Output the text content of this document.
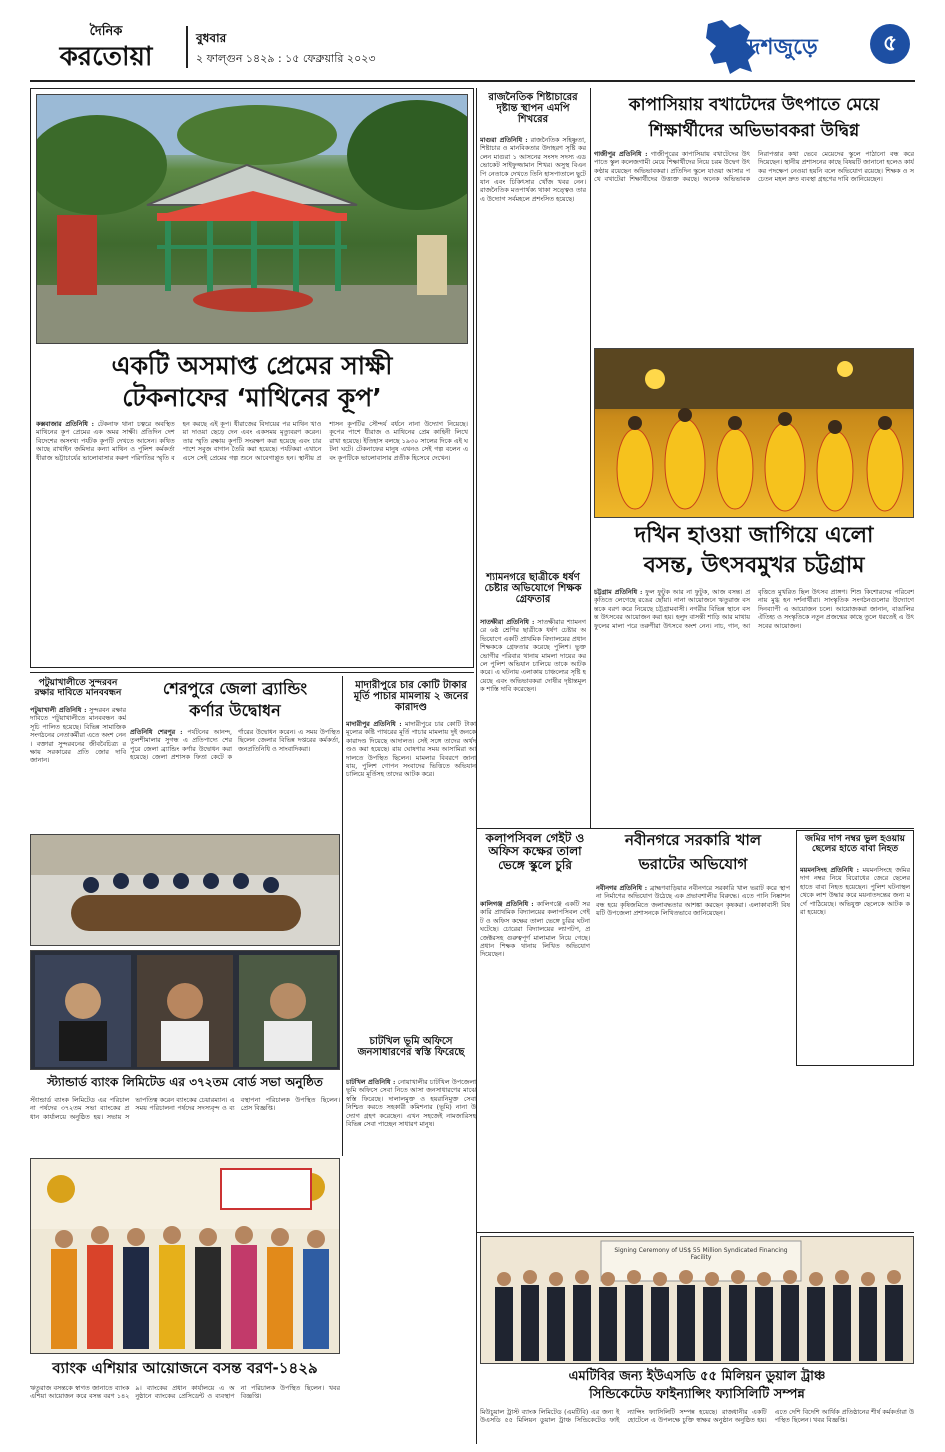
দৈনিক
করতোয়া
বুধবার
২ ফাল্গুন ১৪২৯ : ১৫ ফেব্রুয়ারি ২০২৩	দেশজুড়ে	৫
একটি অসমাপ্ত প্রেমের সাক্ষী
টেকনাফের ‘মাথিনের কূপ’
কক্সবাজার প্রতিনিধি : টেকনাফ থানা চত্বরে অবস্থিত মাথিনের কূপ প্রেমের এক অমর সাক্ষী। প্রতিদিন দেশ বিদেশের অসংখ্য পর্যটক কূপটি দেখতে আসেন। কথিত আছে রাখাইন জমিদার কন্যা মাথিন ও পুলিশ কর্মকর্তা ধীরাজ ভট্টাচার্যের ভালোবাসার করুণ পরিণতির স্মৃতি বহন করছে এই কূপ। ধীরাজের বিদায়ের পর মাথিন খাওয়া দাওয়া ছেড়ে দেন এবং একসময় মৃত্যুবরণ করেন। তার স্মৃতি রক্ষায় কূপটি সংরক্ষণ করা হয়েছে এবং চারপাশে সবুজ বাগান তৈরি করা হয়েছে। পর্যটকরা এখানে এসে সেই প্রেমের গল্প শুনে আবেগাপ্লুত হন। স্থানীয় প্রশাসন কূপটির সৌন্দর্য বর্ধনে নানা উদ্যোগ নিয়েছে। কূপের পাশে ধীরাজ ও মাথিনের প্রেম কাহিনী লিখে রাখা হয়েছে। ইতিহাস বলছে ১৯৩০ সালের দিকে এই ঘটনা ঘটে। টেকনাফের মানুষ এখনও সেই গল্প বলেন এবং কূপটিকে ভালোবাসার প্রতীক হিসেবে দেখেন।
রাজনৈতিক শিষ্টাচারের দৃষ্টান্ত স্থাপন এমপি শিখরের
মাগুরা প্রতিনিধি : রাজনৈতিক সহিষ্ণুতা, শিষ্টাচার ও মানবিকতার উদাহরণ সৃষ্টি করলেন মাগুরা ১ আসনের সংসদ সদস্য এডভোকেট সাইফুজ্জামান শিখর। অসুস্থ বিএনপি নেতাকে দেখতে তিনি হাসপাতালে ছুটে যান এবং চিকিৎসার খোঁজ খবর নেন। রাজনৈতিক মতপার্থক্য থাকা সত্ত্বেও তার এ উদ্যোগ সর্বমহলে প্রশংসিত হয়েছে।
শ্যামনগরে ছাত্রীকে ধর্ষণ চেষ্টার অভিযোগে শিক্ষক গ্রেফতার
সাতক্ষীরা প্রতিনিধি : সাতক্ষীরার শ্যামনগরে ৬ষ্ঠ শ্রেণির ছাত্রীকে ধর্ষণ চেষ্টার অভিযোগে একটি প্রাথমিক বিদ্যালয়ের প্রধান শিক্ষককে গ্রেফতার করেছে পুলিশ। ভুক্তভোগীর পরিবার থানায় মামলা দায়ের করলে পুলিশ অভিযান চালিয়ে তাকে আটক করে। এ ঘটনায় এলাকায় চাঞ্চল্যের সৃষ্টি হয়েছে এবং অভিভাবকরা দোষীর দৃষ্টান্তমূলক শাস্তি দাবি করেছেন।
কাপাসিয়ায় বখাটেদের উৎপাতে মেয়ে
শিক্ষার্থীদের অভিভাবকরা উদ্বিগ্ন
গাজীপুর প্রতিনিধি : গাজীপুরের কাপাসিয়ায় বখাটেদের উৎপাতে স্কুল কলেজগামী মেয়ে শিক্ষার্থীদের নিয়ে চরম উদ্বেগ উৎকণ্ঠায় রয়েছেন অভিভাবকরা। প্রতিদিন স্কুলে যাওয়া আসার পথে বখাটেরা শিক্ষার্থীদের উত্ত্যক্ত করছে। অনেক অভিভাবক নিরাপত্তার কথা ভেবে মেয়েদের স্কুলে পাঠানো বন্ধ করে দিয়েছেন। স্থানীয় প্রশাসনের কাছে বিষয়টি জানানো হলেও কার্যকর পদক্ষেপ নেওয়া হয়নি বলে অভিযোগ রয়েছে। শিক্ষক ও সচেতন মহল দ্রুত ব্যবস্থা গ্রহণের দাবি জানিয়েছেন।
দখিন হাওয়া জাগিয়ে এলো
বসন্ত, উৎসবমুখর চট্টগ্রাম
চট্টগ্রাম প্রতিনিধি : ফুল ফুটুক আর না ফুটুক, আজ বসন্ত। প্রকৃতিতে লেগেছে রঙের ছোঁয়া। নানা আয়োজনে ঋতুরাজ বসন্তকে বরণ করে নিয়েছে চট্টগ্রামবাসী। নগরীর বিভিন্ন স্থানে বসন্ত উৎসবের আয়োজন করা হয়। হলুদ বাসন্তী শাড়ি আর মাথায় ফুলের মালা পরে তরুণীরা উৎসবে অংশ নেন। নাচ, গান, আবৃত্তিতে মুখরিত ছিল উৎসব প্রাঙ্গণ। শিশু কিশোরদের পরিবেশনায় মুগ্ধ হন দর্শনার্থীরা। সাংস্কৃতিক সংগঠনগুলোর উদ্যোগে দিনব্যাপী এ আয়োজন চলে। আয়োজকরা জানান, বাঙালির ঐতিহ্য ও সংস্কৃতিকে নতুন প্রজন্মের কাছে তুলে ধরতেই এ উৎসবের আয়োজন।
পটুয়াখালীতে সুন্দরবন রক্ষার দাবিতে মানববন্ধন
পটুয়াখালী প্রতিনিধি : সুন্দরবন রক্ষার দাবিতে পটুয়াখালীতে মানববন্ধন কর্মসূচি পালিত হয়েছে। বিভিন্ন সামাজিক সংগঠনের নেতাকর্মীরা এতে অংশ নেন। বক্তারা সুন্দরবনের জীববৈচিত্র্য রক্ষায় সরকারের প্রতি জোর দাবি জানান।
শেরপুরে জেলা ব্র্যান্ডিং
কর্ণার উদ্বোধন
প্রতিনিধি শেরপুর : পর্যটনের আনন্দ, তুলশীমালার সুগন্ধ এ প্রতিপাদ্যে শেরপুরে জেলা ব্র্যান্ডিং কর্ণার উদ্বোধন করা হয়েছে। জেলা প্রশাসক ফিতা কেটে কর্ণারের উদ্বোধন করেন। এ সময় উপস্থিত ছিলেন জেলার বিভিন্ন দপ্তরের কর্মকর্তা, জনপ্রতিনিধি ও সাংবাদিকরা।
স্ট্যান্ডার্ড ব্যাংক লিমিটেড এর ৩৭২তম বোর্ড সভা অনুষ্ঠিত
স্ট্যান্ডার্ড ব্যাংক লিমিটেড এর পরিচালনা পর্ষদের ৩৭২তম সভা ব্যাংকের প্রধান কার্যালয়ে অনুষ্ঠিত হয়। সভায় সভাপতিত্ব করেন ব্যাংকের চেয়ারম্যান। এ সময় পরিচালনা পর্ষদের সদস্যবৃন্দ ও ব্যবস্থাপনা পরিচালক উপস্থিত ছিলেন। প্রেস বিজ্ঞপ্তি।
মাদারীপুরে চার কোটি টাকার মূর্তি পাচার মামলায় ২ জনের কারাদণ্ড
মাদারীপুর প্রতিনিধি : মাদারীপুরে চার কোটি টাকা মূল্যের কষ্টি পাথরের মূর্তি পাচার মামলায় দুই জনকে কারাদণ্ড দিয়েছে আদালত। সেই সঙ্গে তাদের অর্থদণ্ডও করা হয়েছে। রায় ঘোষণার সময় আসামিরা আদালতে উপস্থিত ছিলেন। মামলার বিবরণে জানা যায়, পুলিশ গোপন সংবাদের ভিত্তিতে অভিযান চালিয়ে মূর্তিসহ তাদের আটক করে।
চাটখিল ভূমি অফিসে জনসাধারণের স্বস্তি ফিরেছে
চাটখিল প্রতিনিধি : নোয়াখালীর চাটখিল উপজেলা ভূমি অফিসে সেবা নিতে আসা জনসাধারণের মাঝে স্বস্তি ফিরেছে। দালালমুক্ত ও হয়রানিমুক্ত সেবা নিশ্চিত করতে সহকারী কমিশনার (ভূমি) নানা উদ্যোগ গ্রহণ করেছেন। এখন সহজেই নামজারিসহ বিভিন্ন সেবা পাচ্ছেন সাধারণ মানুষ।
ব্যাংক এশিয়ার আয়োজনে বসন্ত বরণ-১৪২৯
ঋতুরাজ বসন্তকে স্বাগত জানাতে ব্যাংক এশিয়া আয়োজন করে বসন্ত বরণ ১৪২৯। ব্যাংকের প্রধান কার্যালয়ে এ অনুষ্ঠানে ব্যাংকের প্রেসিডেন্ট ও ব্যবস্থাপনা পরিচালক উপস্থিত ছিলেন। খবর বিজ্ঞপ্তি।
কলাপসিবল গেইট ও অফিস কক্ষের তালা ভেঙ্গে স্কুলে চুরি
কালিগঞ্জ প্রতিনিধি : কালিগঞ্জে একটি সরকারি প্রাথমিক বিদ্যালয়ের কলাপসিবল গেইট ও অফিস কক্ষের তালা ভেঙ্গে চুরির ঘটনা ঘটেছে। চোরেরা বিদ্যালয়ের ল্যাপটপ, প্রজেক্টরসহ গুরুত্বপূর্ণ মালামাল নিয়ে গেছে। প্রধান শিক্ষক থানায় লিখিত অভিযোগ দিয়েছেন।
নবীনগরে সরকারি খাল
ভরাটের অভিযোগ
নবীনগর প্রতিনিধি : ব্রাহ্মণবাড়িয়ার নবীনগরে সরকারি খাল ভরাট করে স্থাপনা নির্মাণের অভিযোগ উঠেছে এক প্রভাবশালীর বিরুদ্ধে। এতে পানি নিষ্কাশন বন্ধ হয়ে কৃষিজমিতে জলাবদ্ধতার আশঙ্কা করছেন কৃষকরা। এলাকাবাসী বিষয়টি উপজেলা প্রশাসনকে লিখিতভাবে জানিয়েছেন।
জমির দাগ নম্বর ভুল হওয়ায় ছেলের হাতে বাবা নিহত
ময়মনসিংহ প্রতিনিধি : ময়মনসিংহে জমির দাগ নম্বর নিয়ে বিরোধের জেরে ছেলের হাতে বাবা নিহত হয়েছেন। পুলিশ ঘটনাস্থল থেকে লাশ উদ্ধার করে ময়নাতদন্তের জন্য মর্গে পাঠিয়েছে। অভিযুক্ত ছেলেকে আটক করা হয়েছে।
Signing Ceremony of US$ 55 Million Syndicated Financing Facility
এমটিবির জন্য ইউএসডি ৫৫ মিলিয়ন ডুয়াল ট্রাঞ্চ
সিন্ডিকেটেড ফাইন্যান্সিং ফ্যাসিলিটি সম্পন্ন
মিউচুয়াল ট্রাস্ট ব্যাংক লিমিটেড (এমটিবি) এর জন্য ইউএসডি ৫৫ মিলিয়ন ডুয়াল ট্রাঞ্চ সিন্ডিকেটেড ফাইন্যান্সিং ফ্যাসিলিটি সম্পন্ন হয়েছে। রাজধানীর একটি হোটেলে এ উপলক্ষে চুক্তি স্বাক্ষর অনুষ্ঠান অনুষ্ঠিত হয়। এতে দেশি বিদেশি আর্থিক প্রতিষ্ঠানের শীর্ষ কর্মকর্তারা উপস্থিত ছিলেন। খবর বিজ্ঞপ্তি।
